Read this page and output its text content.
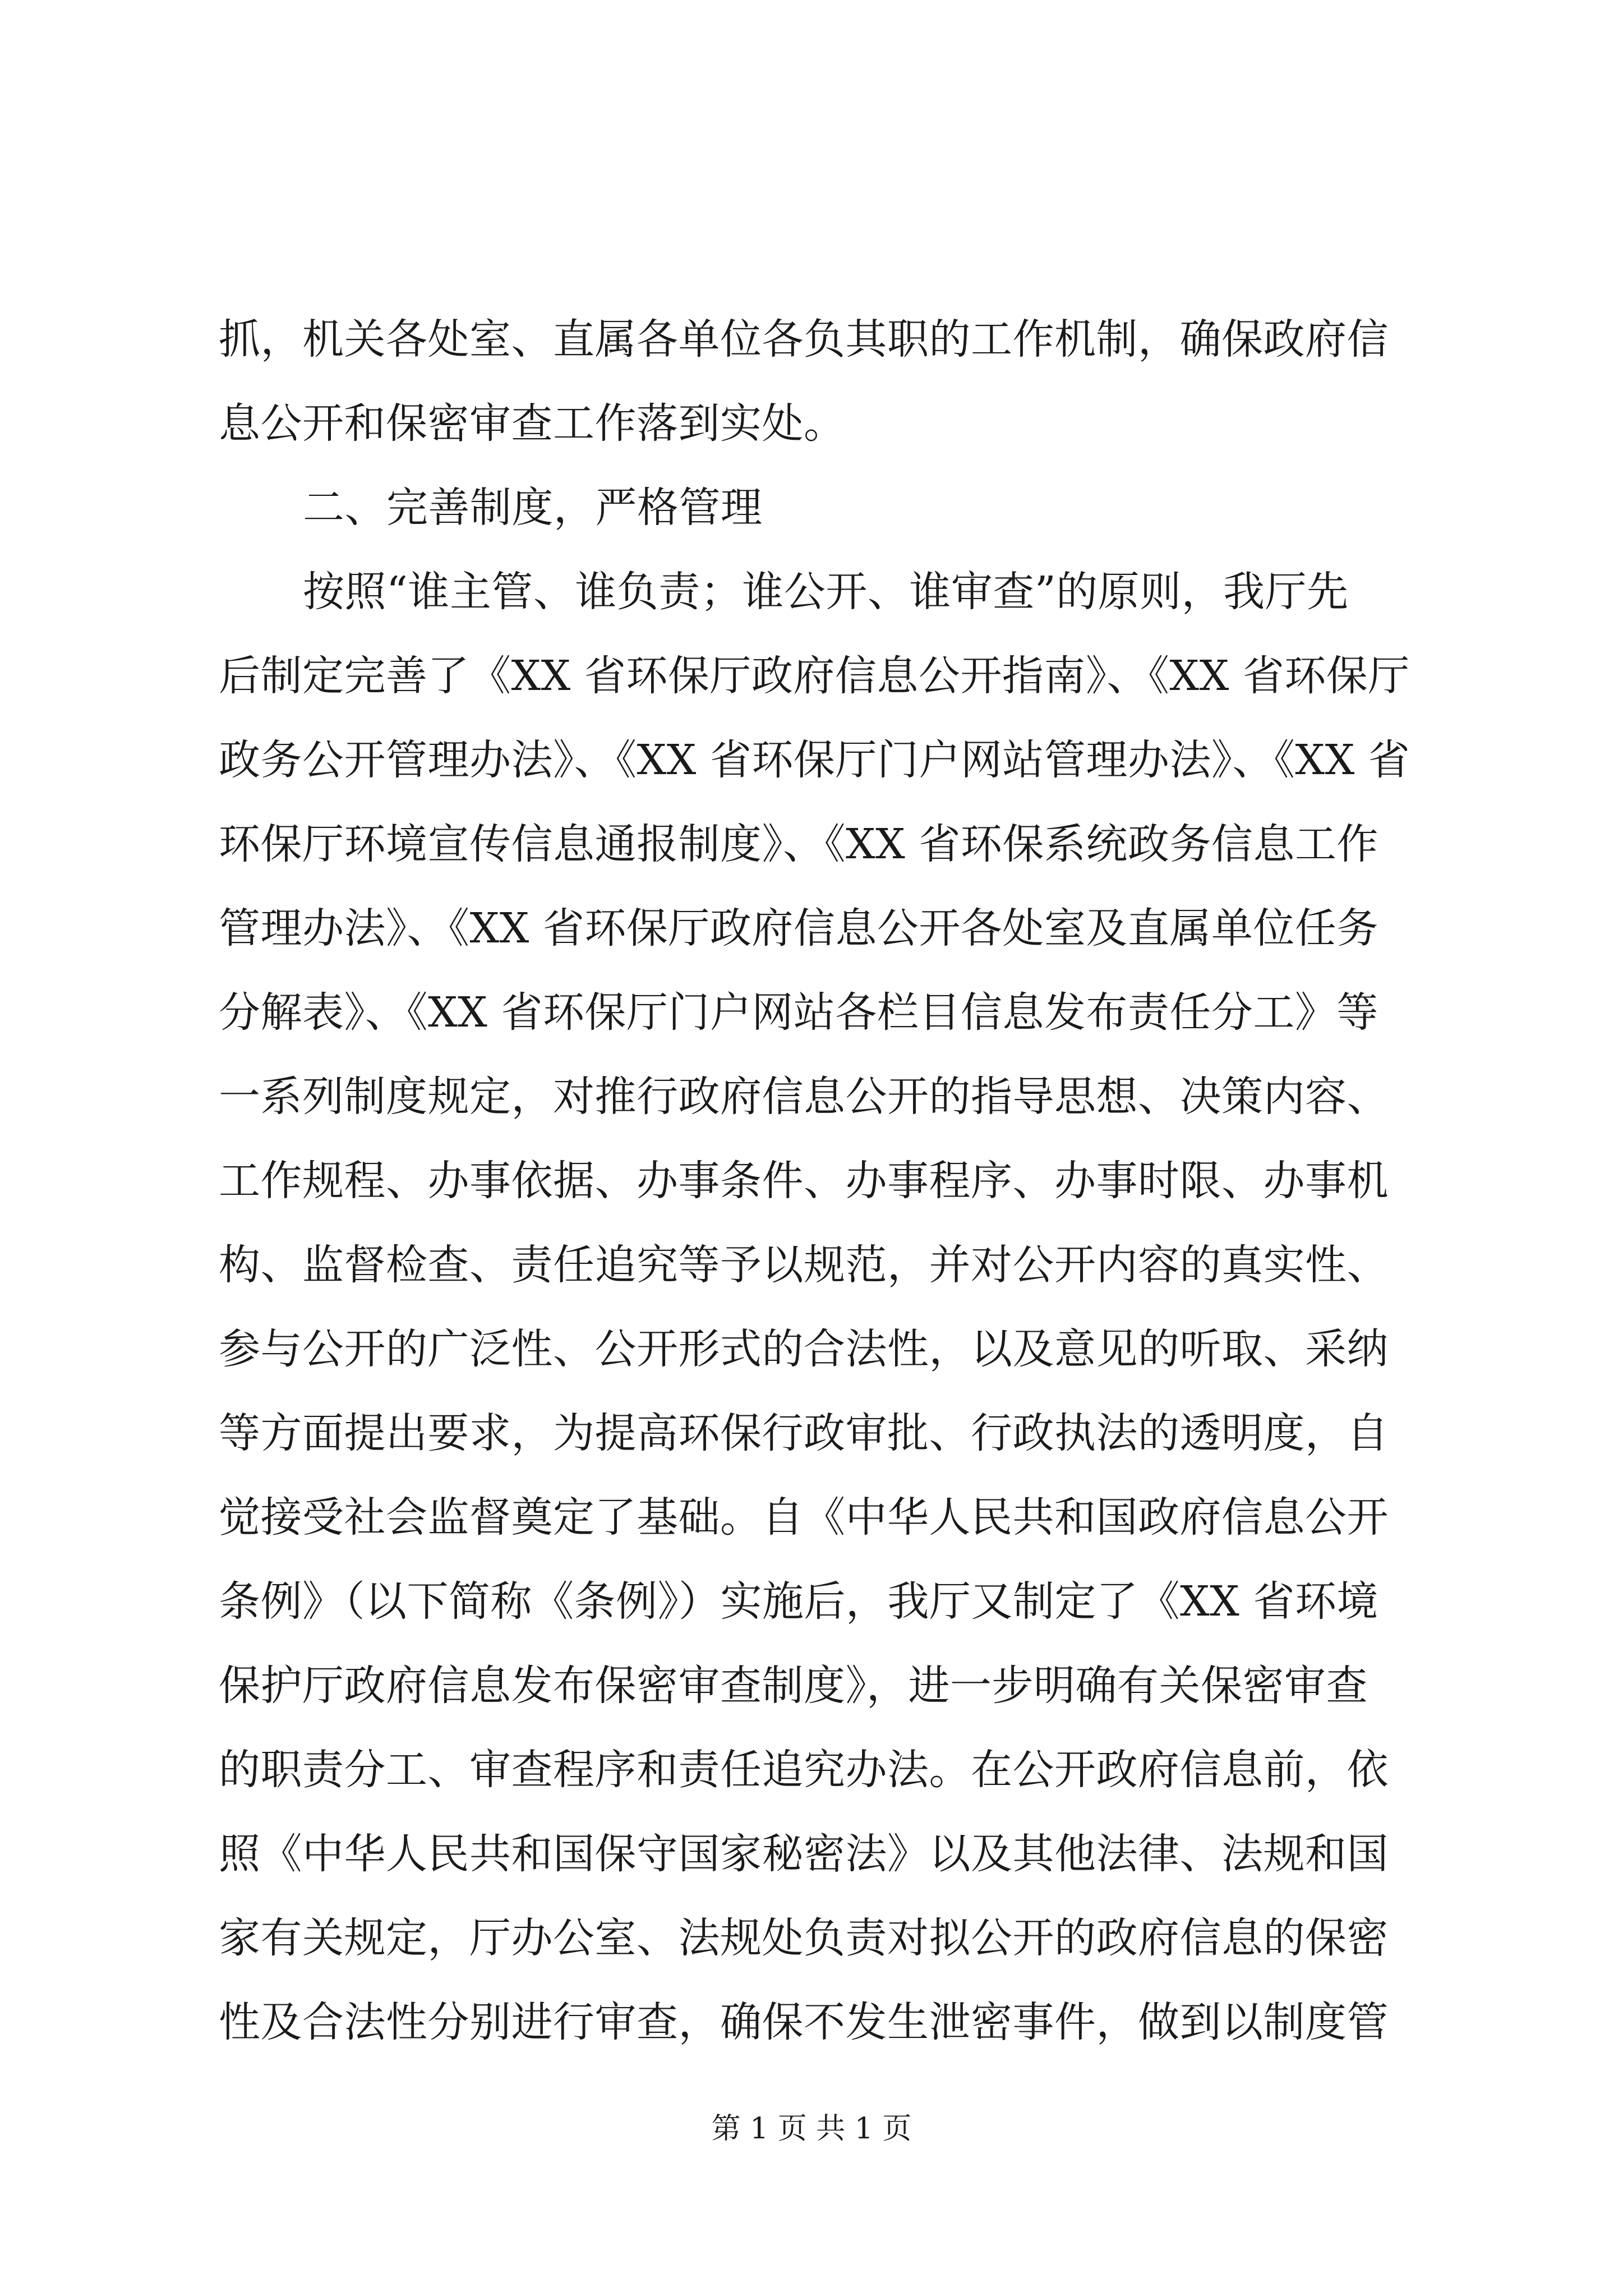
抓，机关各处室、直属各单位各负其职的工作机制，确保政府信
息公开和保密审查工作落到实处。
二、完善制度，严格管理
按照“谁主管、谁负责；谁公开、谁审查”的原则，我厅先
后制定完善了《XX 省环保厅政府信息公开指南》、《XX 省环保厅
政务公开管理办法》、《XX 省环保厅门户网站管理办法》、《XX 省
环保厅环境宣传信息通报制度》、《XX 省环保系统政务信息工作
管理办法》、《XX 省环保厅政府信息公开各处室及直属单位任务
分解表》、《XX 省环保厅门户网站各栏目信息发布责任分工》等
一系列制度规定，对推行政府信息公开的指导思想、决策内容、
工作规程、办事依据、办事条件、办事程序、办事时限、办事机
构、监督检查、责任追究等予以规范，并对公开内容的真实性、
参与公开的广泛性、公开形式的合法性，以及意见的听取、采纳
等方面提出要求，为提高环保行政审批、行政执法的透明度，自
觉接受社会监督奠定了基础。自《中华人民共和国政府信息公开
条例》（以下简称《条例》）实施后，我厅又制定了《XX 省环境
保护厅政府信息发布保密审查制度》，进一步明确有关保密审查
的职责分工、审查程序和责任追究办法。在公开政府信息前，依
照《中华人民共和国保守国家秘密法》以及其他法律、法规和国
家有关规定，厅办公室、法规处负责对拟公开的政府信息的保密
性及合法性分别进行审查，确保不发生泄密事件，做到以制度管
第 1 页 共 1 页
